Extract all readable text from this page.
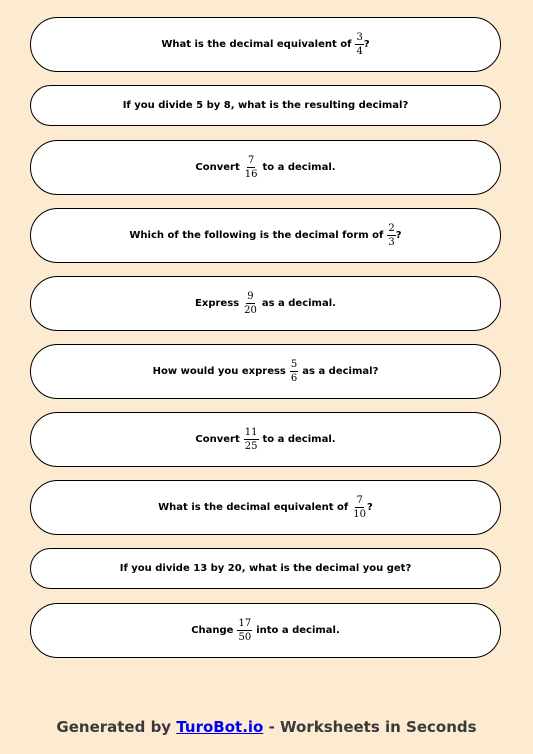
What is the decimal equivalent of $\frac{3}{4}$ ?
If you divide 5 by 8, what is the resulting decimal?
Convert $\frac{7}{16}$ to a decimal.
Which of the following is the decimal form of $\frac{2}{3}$ ?
Express $\frac{9}{20}$ as a decimal.
How would you express $\frac{5}{6}$ as a decimal?
Convert $\frac{11}{25}$ to a decimal.
What is the decimal equivalent of $\frac{7}{10}$ ?
If you divide 13 by 20, what is the decimal you get?
Change $\frac{17}{50}$ into a decimal.
Generated by TuroBot.io - Worksheets in Seconds
